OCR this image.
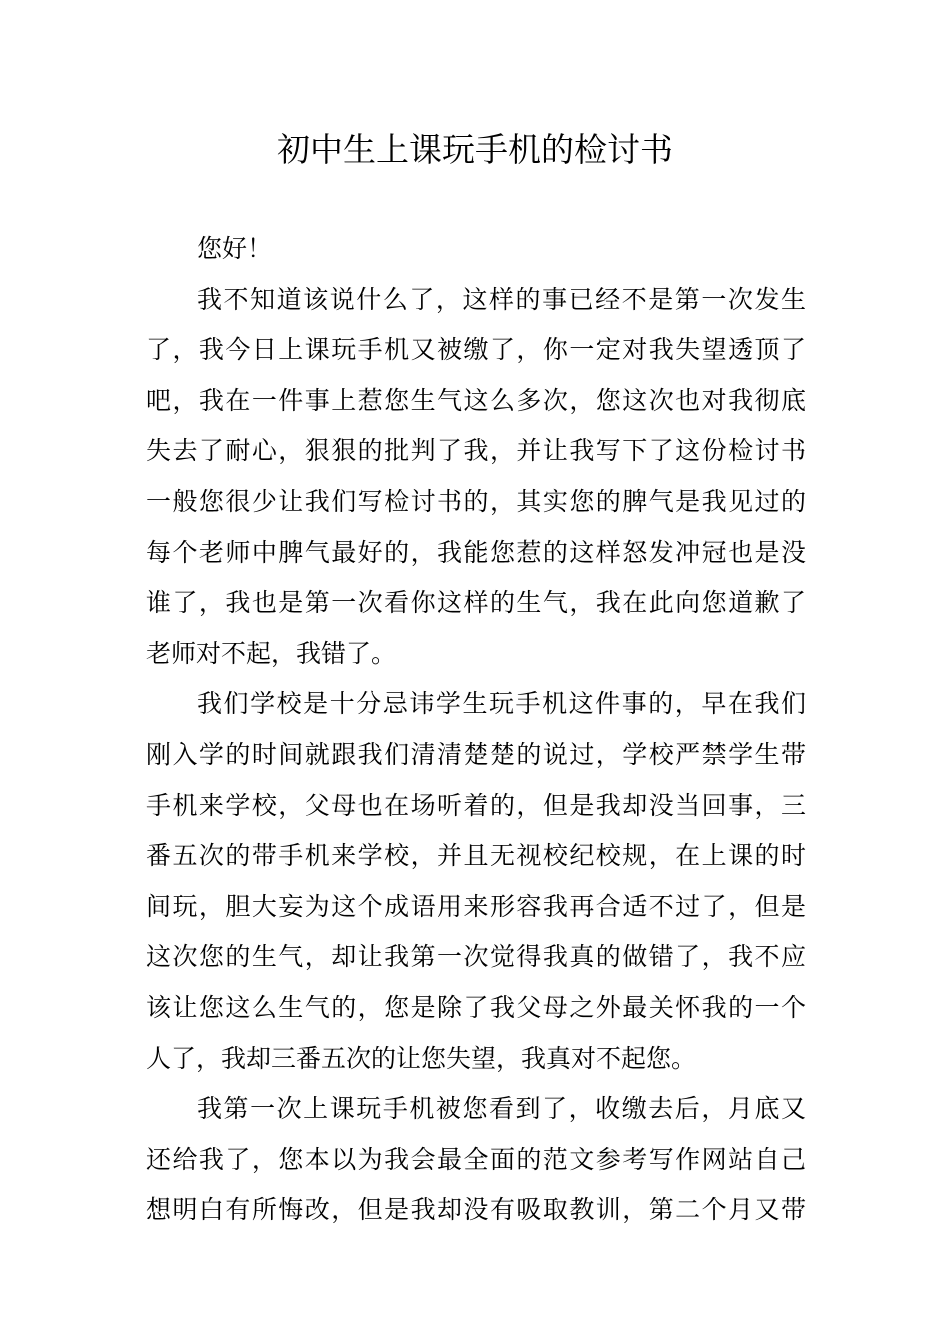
初中生上课玩手机的检讨书
您好！
我不知道该说什么了，这样的事已经不是第一次发生
了，我今日上课玩手机又被缴了，你一定对我失望透顶了
吧，我在一件事上惹您生气这么多次，您这次也对我彻底
失去了耐心，狠狠的批判了我，并让我写下了这份检讨书
一般您很少让我们写检讨书的，其实您的脾气是我见过的
每个老师中脾气最好的，我能您惹的这样怒发冲冠也是没
谁了，我也是第一次看你这样的生气，我在此向您道歉了
老师对不起，我错了。
我们学校是十分忌讳学生玩手机这件事的，早在我们
刚入学的时间就跟我们清清楚楚的说过，学校严禁学生带
手机来学校，父母也在场听着的，但是我却没当回事，三
番五次的带手机来学校，并且无视校纪校规，在上课的时
间玩，胆大妄为这个成语用来形容我再合适不过了，但是
这次您的生气，却让我第一次觉得我真的做错了，我不应
该让您这么生气的，您是除了我父母之外最关怀我的一个
人了，我却三番五次的让您失望，我真对不起您。
我第一次上课玩手机被您看到了，收缴去后，月底又
还给我了，您本以为我会最全面的范文参考写作网站自己
想明白有所悔改，但是我却没有吸取教训，第二个月又带
